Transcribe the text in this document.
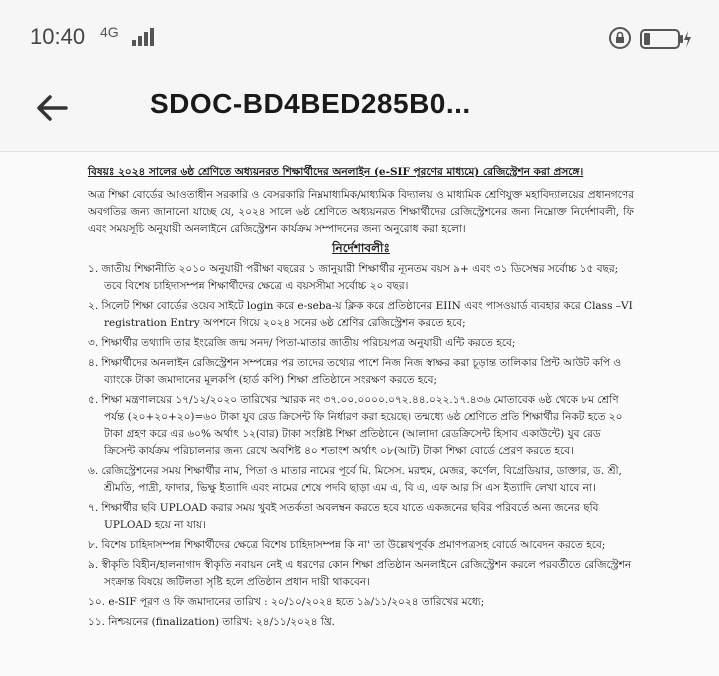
10:40 4G
SDOC-BD4BED285B0...
বিষয়ঃ ২০২৪ সালের ৬ষ্ঠ শ্রেণিতে অধ্যয়নরত শিক্ষার্থীদের অনলাইন (e-SIF পূরণের মাধ্যমে) রেজিস্ট্রেশন করা প্রসঙ্গে।

অত্র শিক্ষা বোর্ডের আওতাধীন সরকারি ও বেসরকারি নিম্নমাধ্যমিক/মাধ্যমিক বিদ্যালয় ও মাধ্যমিক শ্রেণিযুক্ত মহাবিদ্যালয়ের প্রধানগণের অবগতির জন্য জানানো যাচ্ছে যে, ২০২৪ সালে ৬ষ্ঠ শ্রেণিতে অধ্যয়নরত শিক্ষার্থীদের রেজিস্ট্রেশনের জন্য নিম্নোক্ত নির্দেশাবলী, ফি এবং সময়সূচি অনুযায়ী অনলাইনে রেজিস্ট্রেশন কার্যক্রম সম্পাদনের জন্য অনুরোধ করা হলো।

নির্দেশাবলীঃ
১. জাতীয় শিক্ষানীতি ২০১০ অনুযায়ী পরীক্ষা বছরের ১ জানুয়ারী শিক্ষার্থীর ন্যূনতম বয়স ৯+ এবং ৩১ ডিসেম্বর সর্বোচ্চ ১৫ বছর; তবে বিশেষ চাহিদাসম্পন্ন শিক্ষার্থীদের ক্ষেত্রে এ বয়সসীমা সর্বোচ্চ ২০ বছর।
২. সিলেট শিক্ষা বোর্ডের ওয়েব সাইটে login করে e-seba-য় ক্লিক করে প্রতিষ্ঠানের EIIN এবং পাসওয়ার্ড ব্যবহার করে Class –VI registration Entry অপশনে গিয়ে ২০২৪ সনের ৬ষ্ঠ শ্রেণির রেজিস্ট্রেশন করতে হবে;
৩. শিক্ষার্থীর তথ্যাদি তার ইংরেজি জন্ম সনদ/ পিতা-মাতার জাতীয় পরিচয়পত্র অনুযায়ী এন্টি করতে হবে;
৪. শিক্ষার্থীদের অনলাইন রেজিস্ট্রেশন সম্পন্নের পর তাদের তথ্যের পাশে নিজ নিজ স্বাক্ষর করা চূড়ান্ত তালিকার প্রিন্ট আউট কপি ও ব্যাংকে টাকা জমাদানের মূলকপি (হার্ড কপি) শিক্ষা প্রতিষ্ঠানে সংরক্ষণ করতে হবে;
৫. শিক্ষা মন্ত্রণালয়ের ১৭/১২/২০২০ তারিখের স্মারক নং ৩৭.০০.০০০০.০৭২.৪৪.০২২.১৭.৪৩৬ মোতাবেক ৬ষ্ঠ থেকে ৮ম শ্রেণি পর্যন্ত (২০+২০+২০)=৬০ টাকা যুব রেড ক্রিসেন্ট ফি নির্ধারণ করা হয়েছে। তন্মধ্যে ৬ষ্ঠ শ্রেণিতে প্রতি শিক্ষার্থীর নিকট হতে ২০ টাকা গ্রহণ করে এর ৬০% অর্থাৎ ১২(বার) টাকা সংশ্লিষ্ট শিক্ষা প্রতিষ্ঠানে (আলাদা রেডক্রিসেন্ট হিসাব একাউন্টে) যুব রেড ক্রিসেন্ট কার্যক্রম পরিচালনার জন্য রেখে অবশিষ্ট ৪০ শতাংশ অর্থাৎ ০৮(আট) টাকা শিক্ষা বোর্ডে প্রেরণ করতে হবে।
৬. রেজিস্ট্রেশনের সময় শিক্ষার্থীর নাম, পিতা ও মাতার নামের পূর্বে মি. মিসেস. মরহুম, মেজর, কর্ণেল, বিগ্রেডিয়ার, ডাক্তার, ড. শ্রী, শ্রীমতি, পাদ্রী, ফাদার, ভিক্ষু ইত্যাদি এবং নামের শেষে পদবি ছাড়া এম এ, বি এ, এফ আর সি এস ইত্যাদি লেখা যাবে না।
৭. শিক্ষার্থীর ছবি UPLOAD করার সময় খুবই সতর্কতা অবলম্বন করতে হবে যাতে একজনের ছবির পরিবর্তে অন্য জনের ছবি UPLOAD হয়ে না যায়।
৮. বিশেষ চাহিদাসম্পন্ন শিক্ষার্থীদের ক্ষেত্রে বিশেষ চাহিদাসম্পন্ন কি না' তা উল্লেখপূর্বক প্রমাণপত্রসহ বোর্ডে আবেদন করতে হবে;
৯. স্বীকৃতি বিহীন/হালনাগাদ স্বীকৃতি নবায়ন নেই এ ধরণের কোন শিক্ষা প্রতিষ্ঠান অনলাইনে রেজিস্ট্রেশন করলে পরবর্তীতে রেজিস্ট্রেশন সংক্রান্ত বিষয়ে জটিলতা সৃষ্টি হলে প্রতিষ্ঠান প্রধান দায়ী থাকবেন।
১০. e-SIF পূরণ ও ফি জমাদানের তারিখ : ২০/১০/২০২৪ হতে ১৯/১১/২০২৪ তারিখের মধ্যে;
১১. নিশ্চয়নের (finalization) তারিখ: ২৪/১১/২০২৪ খ্রি.
